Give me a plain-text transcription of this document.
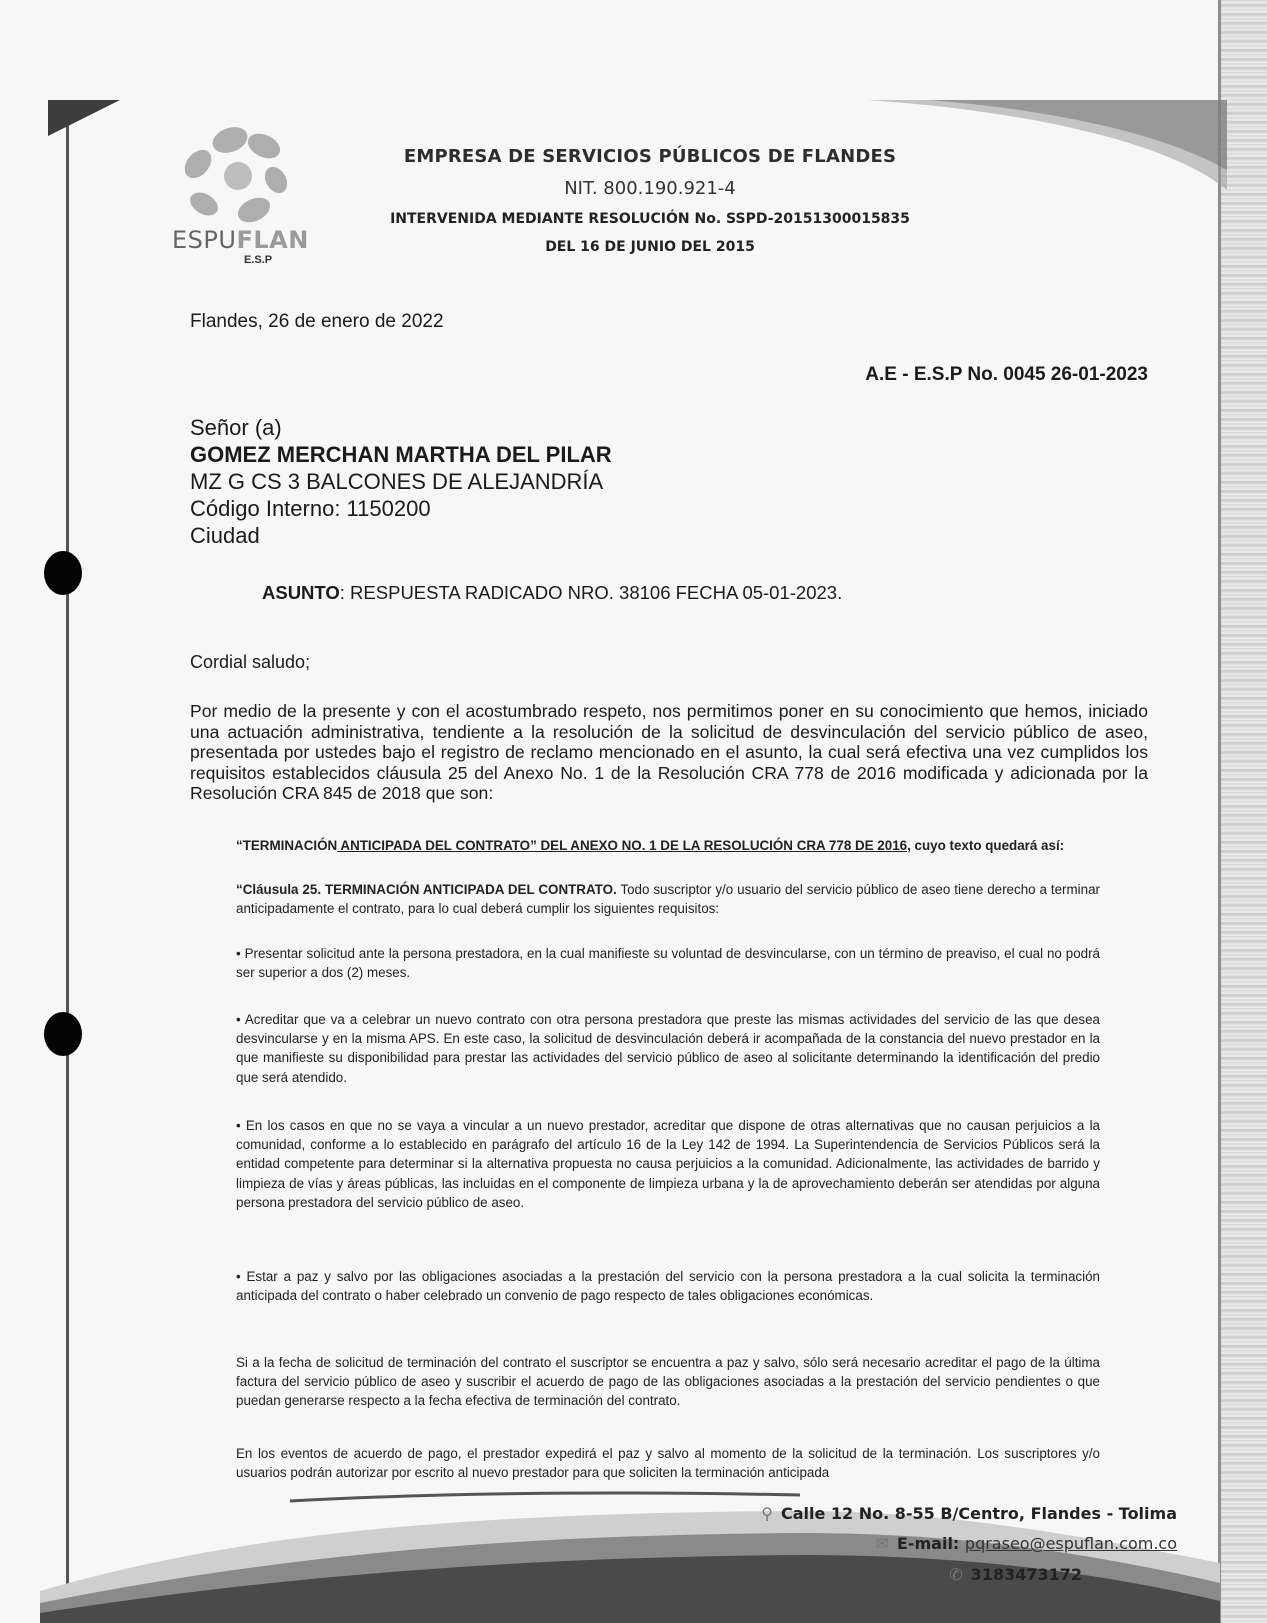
ESPUFLAN
E.S.P
EMPRESA DE SERVICIOS PÚBLICOS DE FLANDES
NIT. 800.190.921-4
INTERVENIDA MEDIANTE RESOLUCIÓN No. SSPD-20151300015835
DEL 16 DE JUNIO DEL 2015
Flandes, 26 de enero de 2022
A.E - E.S.P No. 0045 26-01-2023
Señor (a)
GOMEZ MERCHAN MARTHA DEL PILAR
MZ G CS 3 BALCONES DE ALEJANDRÍA
Código Interno: 1150200
Ciudad
ASUNTO: RESPUESTA RADICADO NRO. 38106 FECHA 05-01-2023.
Cordial saludo;
Por medio de la presente y con el acostumbrado respeto, nos permitimos poner en su conocimiento que hemos, iniciado una actuación administrativa, tendiente a la resolución de la solicitud de desvinculación del servicio público de aseo, presentada por ustedes bajo el registro de reclamo mencionado en el asunto, la cual será efectiva una vez cumplidos los requisitos establecidos cláusula 25 del Anexo No. 1 de la Resolución CRA 778 de 2016 modificada y adicionada por la Resolución CRA 845 de 2018 que son:
“TERMINACIÓN ANTICIPADA DEL CONTRATO” DEL ANEXO NO. 1 DE LA RESOLUCIÓN CRA 778 DE 2016, cuyo texto quedará así:
“Cláusula 25. TERMINACIÓN ANTICIPADA DEL CONTRATO. Todo suscriptor y/o usuario del servicio público de aseo tiene derecho a terminar anticipadamente el contrato, para lo cual deberá cumplir los siguientes requisitos:
• Presentar solicitud ante la persona prestadora, en la cual manifieste su voluntad de desvincularse, con un término de preaviso, el cual no podrá ser superior a dos (2) meses.
• Acreditar que va a celebrar un nuevo contrato con otra persona prestadora que preste las mismas actividades del servicio de las que desea desvincularse y en la misma APS. En este caso, la solicitud de desvinculación deberá ir acompañada de la constancia del nuevo prestador en la que manifieste su disponibilidad para prestar las actividades del servicio público de aseo al solicitante determinando la identificación del predio que será atendido.
• En los casos en que no se vaya a vincular a un nuevo prestador, acreditar que dispone de otras alternativas que no causan perjuicios a la comunidad, conforme a lo establecido en parágrafo del artículo 16 de la Ley 142 de 1994. La Superintendencia de Servicios Públicos será la entidad competente para determinar si la alternativa propuesta no causa perjuicios a la comunidad. Adicionalmente, las actividades de barrido y limpieza de vías y áreas públicas, las incluidas en el componente de limpieza urbana y la de aprovechamiento deberán ser atendidas por alguna persona prestadora del servicio público de aseo.
• Estar a paz y salvo por las obligaciones asociadas a la prestación del servicio con la persona prestadora a la cual solicita la terminación anticipada del contrato o haber celebrado un convenio de pago respecto de tales obligaciones económicas.
Si a la fecha de solicitud de terminación del contrato el suscriptor se encuentra a paz y salvo, sólo será necesario acreditar el pago de la última factura del servicio público de aseo y suscribir el acuerdo de pago de las obligaciones asociadas a la prestación del servicio pendientes o que puedan generarse respecto a la fecha efectiva de terminación del contrato.
En los eventos de acuerdo de pago, el prestador expedirá el paz y salvo al momento de la solicitud de la terminación. Los suscriptores y/o usuarios podrán autorizar por escrito al nuevo prestador para que soliciten la terminación anticipada
⚲ Calle 12 No. 8-55 B/Centro, Flandes - Tolima
✉ E-mail: pqraseo@espuflan.com.co
✆ 3183473172
